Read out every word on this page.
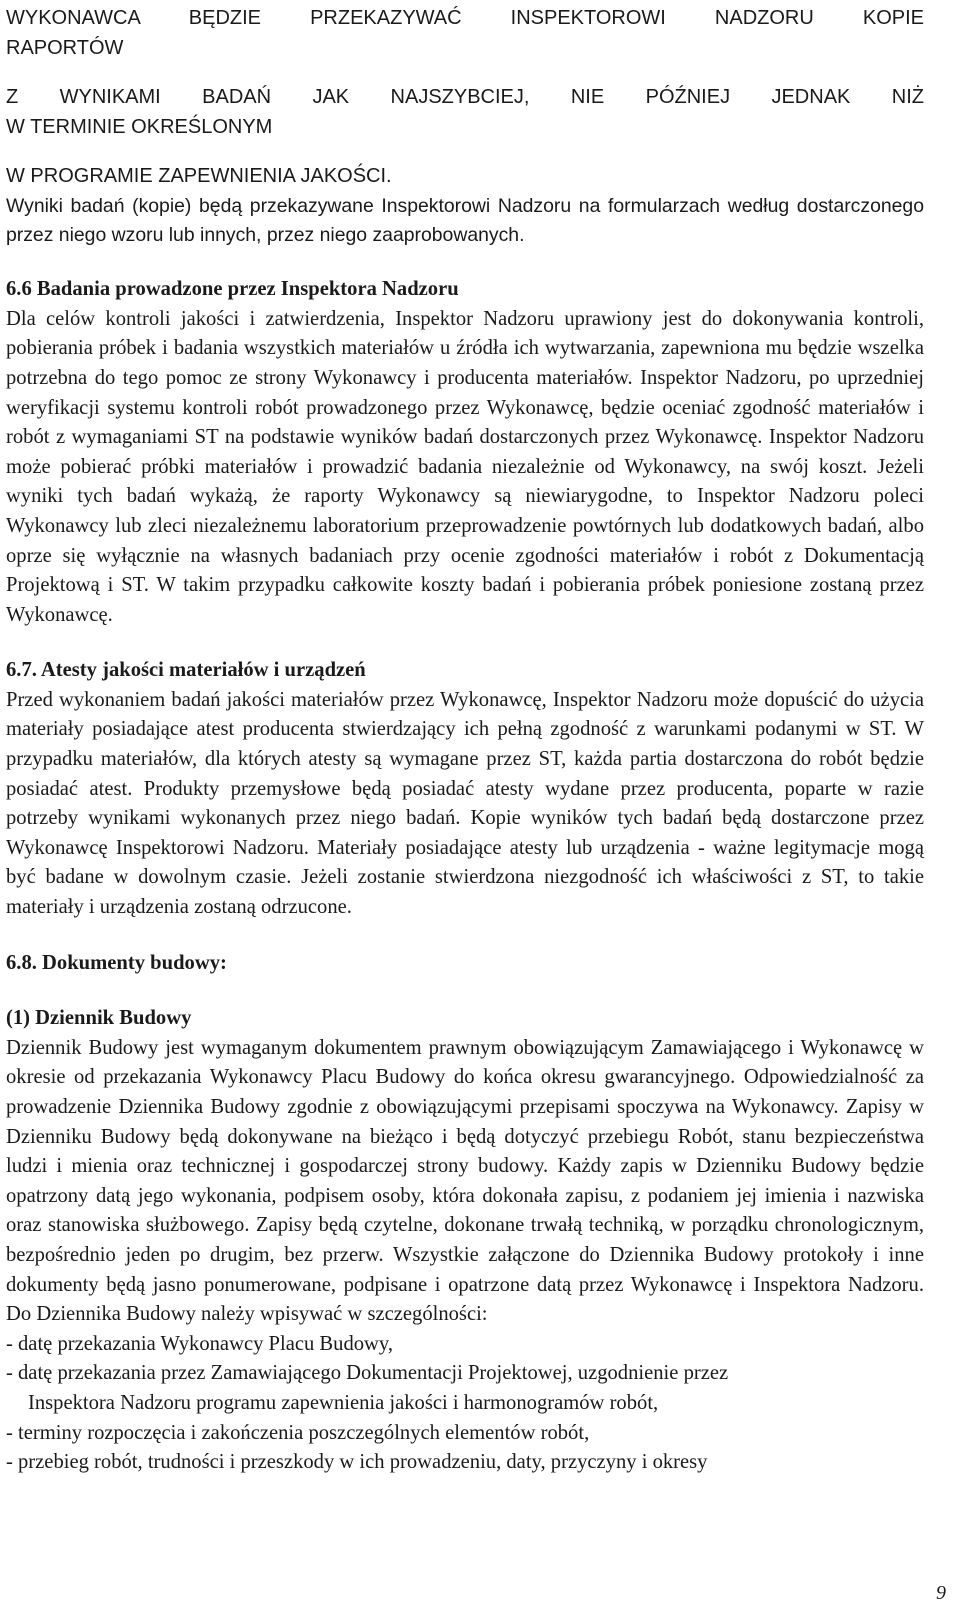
WYKONAWCA BĘDZIE PRZEKAZYWAĆ INSPEKTOROWI NADZORU KOPIE

RAPORTÓW

Z WYNIKAMI BADAŃ JAK NAJSZYBCIEJ, NIE PÓŹNIEJ JEDNAK NIŻ

W TERMINIE OKREŚLONYM

W PROGRAMIE ZAPEWNIENIA JAKOŚCI.

Wyniki badań (kopie) będą przekazywane Inspektorowi Nadzoru na formularzach według dostarczonego przez niego wzoru lub innych, przez niego zaaprobowanych.

6.6 Badania prowadzone przez Inspektora Nadzoru

Dla celów kontroli jakości i zatwierdzenia, Inspektor Nadzoru uprawiony jest do dokonywania kontroli, pobierania próbek i badania wszystkich materiałów u źródła ich wytwarzania, zapewniona mu będzie wszelka potrzebna do tego pomoc ze strony Wykonawcy i producenta materiałów. Inspektor Nadzoru, po uprzedniej weryfikacji systemu kontroli robót prowadzonego przez Wykonawcę, będzie oceniać zgodność materiałów i robót z wymaganiami ST na podstawie wyników badań dostarczonych przez Wykonawcę. Inspektor Nadzoru może pobierać próbki materiałów i prowadzić badania niezależnie od Wykonawcy, na swój koszt. Jeżeli wyniki tych badań wykażą, że raporty Wykonawcy są niewiarygodne, to Inspektor Nadzoru poleci Wykonawcy lub zleci niezależnemu laboratorium przeprowadzenie powtórnych lub dodatkowych badań, albo oprze się wyłącznie na własnych badaniach przy ocenie zgodności materiałów i robót z Dokumentacją Projektową i ST. W takim przypadku całkowite koszty badań i pobierania próbek poniesione zostaną przez Wykonawcę.

6.7. Atesty jakości materiałów i urządzeń

Przed wykonaniem badań jakości materiałów przez Wykonawcę, Inspektor Nadzoru może dopuścić do użycia materiały posiadające atest producenta stwierdzający ich pełną zgodność z warunkami podanymi w ST. W przypadku materiałów, dla których atesty są wymagane przez ST, każda partia dostarczona do robót będzie posiadać atest. Produkty przemysłowe będą posiadać atesty wydane przez producenta, poparte w razie potrzeby wynikami wykonanych przez niego badań. Kopie wyników tych badań będą dostarczone przez Wykonawcę Inspektorowi Nadzoru. Materiały posiadające atesty lub urządzenia - ważne legitymacje mogą być badane w dowolnym czasie. Jeżeli zostanie stwierdzona niezgodność ich właściwości z ST, to takie materiały i urządzenia zostaną odrzucone.

6.8. Dokumenty budowy:

(1) Dziennik Budowy

Dziennik Budowy jest wymaganym dokumentem prawnym obowiązującym Zamawiającego i Wykonawcę w okresie od przekazania Wykonawcy Placu Budowy do końca okresu gwarancyjnego. Odpowiedzialność za prowadzenie Dziennika Budowy zgodnie z obowiązującymi przepisami spoczywa na Wykonawcy. Zapisy w Dzienniku Budowy będą dokonywane na bieżąco i będą dotyczyć przebiegu Robót, stanu bezpieczeństwa ludzi i mienia oraz technicznej i gospodarczej strony budowy. Każdy zapis w Dzienniku Budowy będzie opatrzony datą jego wykonania, podpisem osoby, która dokonała zapisu, z podaniem jej imienia i nazwiska oraz stanowiska służbowego. Zapisy będą czytelne, dokonane trwałą techniką, w porządku chronologicznym, bezpośrednio jeden po drugim, bez przerw. Wszystkie załączone do Dziennika Budowy protokoły i inne dokumenty będą jasno ponumerowane, podpisane i opatrzone datą przez Wykonawcę i Inspektora Nadzoru. Do Dziennika Budowy należy wpisywać w szczególności:

- datę przekazania Wykonawcy Placu Budowy,

- datę przekazania przez Zamawiającego Dokumentacji Projektowej, uzgodnienie przez

Inspektora Nadzoru programu zapewnienia jakości i harmonogramów robót,

- terminy rozpoczęcia i zakończenia poszczególnych elementów robót,

- przebieg robót, trudności i przeszkody w ich prowadzeniu, daty, przyczyny i okresy

9
